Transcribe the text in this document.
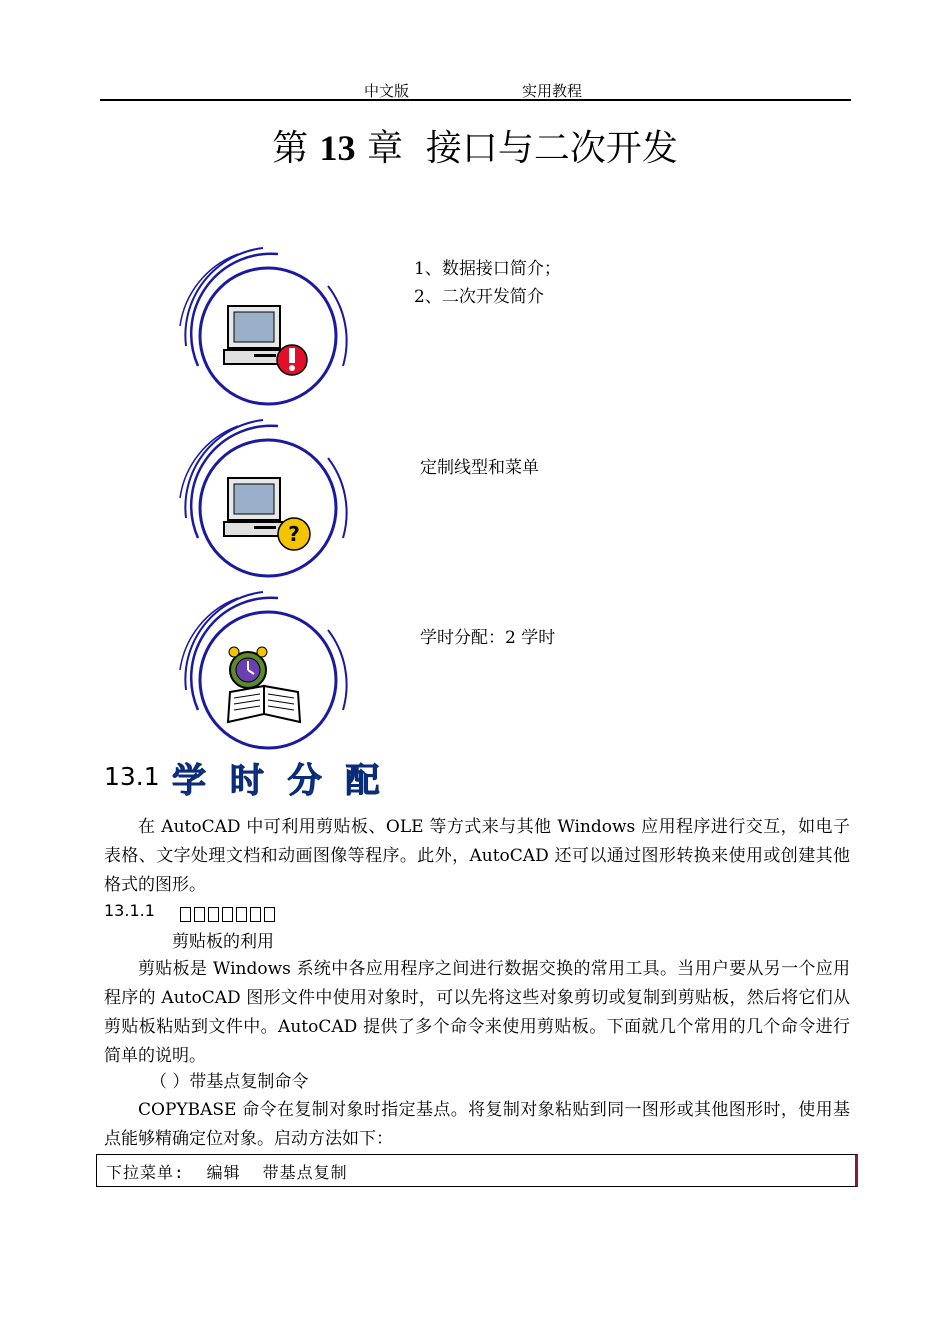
中文版	实用教程
第 13 章 接口与二次开发
?
1、数据接口简介；
2、二次开发简介
定制线型和菜单
学时分配：2 学时
13.1 学 时 分 配
在 AutoCAD 中可利用剪贴板、OLE 等方式来与其他 Windows 应用程序进行交互，如电子表格、文字处理文档和动画图像等程序。此外，AutoCAD 还可以通过图形转换来使用或创建其他格式的图形。
13.1.1
剪贴板的利用
剪贴板是 Windows 系统中各应用程序之间进行数据交换的常用工具。当用户要从另一个应用程序的 AutoCAD 图形文件中使用对象时，可以先将这些对象剪切或复制到剪贴板，然后将它们从剪贴板粘贴到文件中。AutoCAD 提供了多个命令来使用剪贴板。下面就几个常用的几个命令进行简单的说明。
（ ）带基点复制命令
COPYBASE 命令在复制对象时指定基点。将复制对象粘贴到同一图形或其他图形时，使用基点能够精确定位对象。启动方法如下：
下拉菜单: 编辑 带基点复制
